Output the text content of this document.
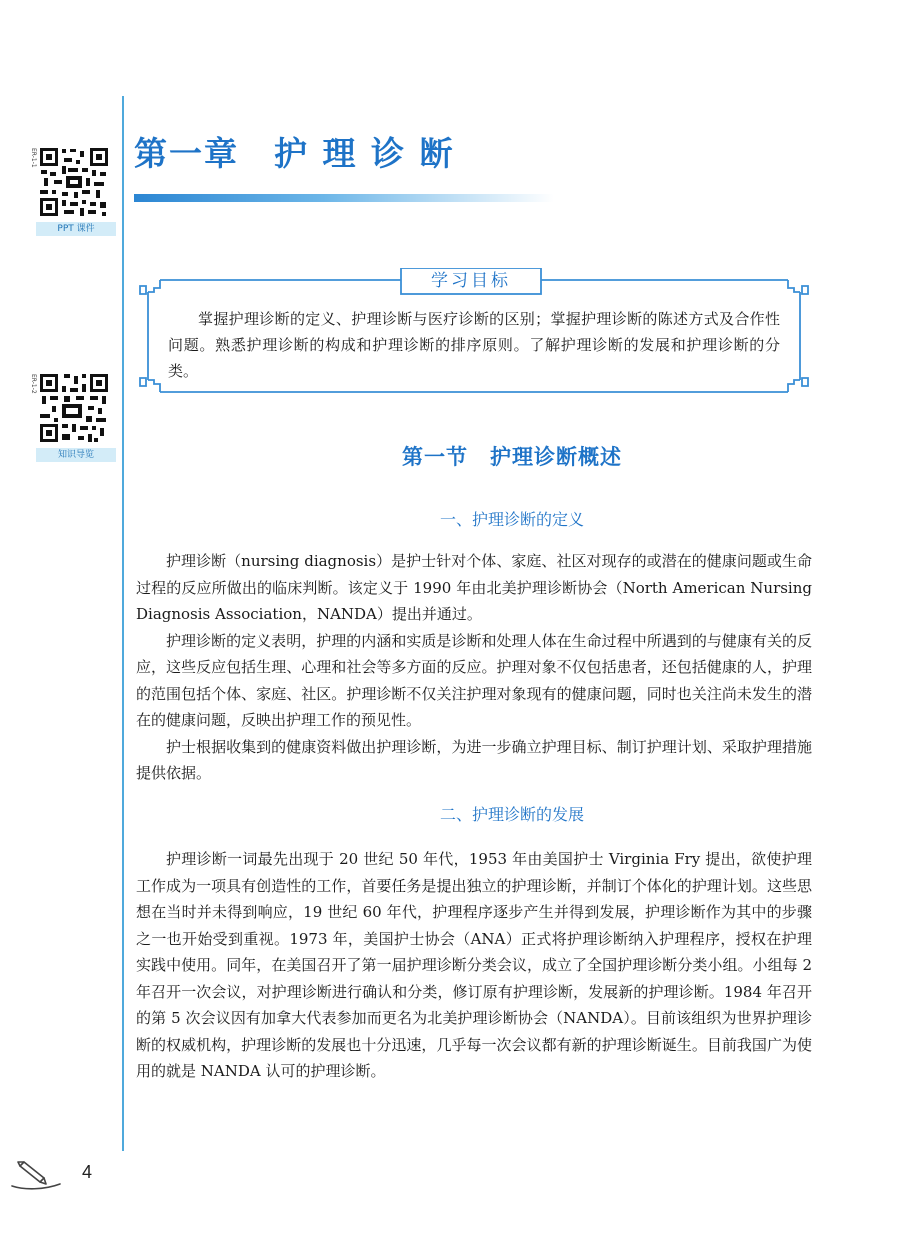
PPT 课件
ER-1-1
知识导览
ER-1-2
第一章　护 理 诊 断
学习目标
掌握护理诊断的定义、护理诊断与医疗诊断的区别；掌握护理诊断的陈述方式及合作性问题。熟悉护理诊断的构成和护理诊断的排序原则。了解护理诊断的发展和护理诊断的分类。
第一节　护理诊断概述
一、护理诊断的定义

护理诊断（nursing diagnosis）是护士针对个体、家庭、社区对现存的或潜在的健康问题或生命过程的反应所做出的临床判断。该定义于 1990 年由北美护理诊断协会（North American Nursing Diagnosis Association，NANDA）提出并通过。

护理诊断的定义表明，护理的内涵和实质是诊断和处理人体在生命过程中所遇到的与健康有关的反应，这些反应包括生理、心理和社会等多方面的反应。护理对象不仅包括患者，还包括健康的人，护理的范围包括个体、家庭、社区。护理诊断不仅关注护理对象现有的健康问题，同时也关注尚未发生的潜在的健康问题，反映出护理工作的预见性。

护士根据收集到的健康资料做出护理诊断，为进一步确立护理目标、制订护理计划、采取护理措施提供依据。

二、护理诊断的发展

护理诊断一词最先出现于 20 世纪 50 年代，1953 年由美国护士 Virginia Fry 提出，欲使护理工作成为一项具有创造性的工作，首要任务是提出独立的护理诊断，并制订个体化的护理计划。这些思想在当时并未得到响应，19 世纪 60 年代，护理程序逐步产生并得到发展，护理诊断作为其中的步骤之一也开始受到重视。1973 年，美国护士协会（ANA）正式将护理诊断纳入护理程序，授权在护理实践中使用。同年，在美国召开了第一届护理诊断分类会议，成立了全国护理诊断分类小组。小组每 2 年召开一次会议，对护理诊断进行确认和分类，修订原有护理诊断，发展新的护理诊断。1984 年召开的第 5 次会议因有加拿大代表参加而更名为北美护理诊断协会（NANDA）。目前该组织为世界护理诊断的权威机构，护理诊断的发展也十分迅速，几乎每一次会议都有新的护理诊断诞生。目前我国广为使用的就是 NANDA 认可的护理诊断。

4
